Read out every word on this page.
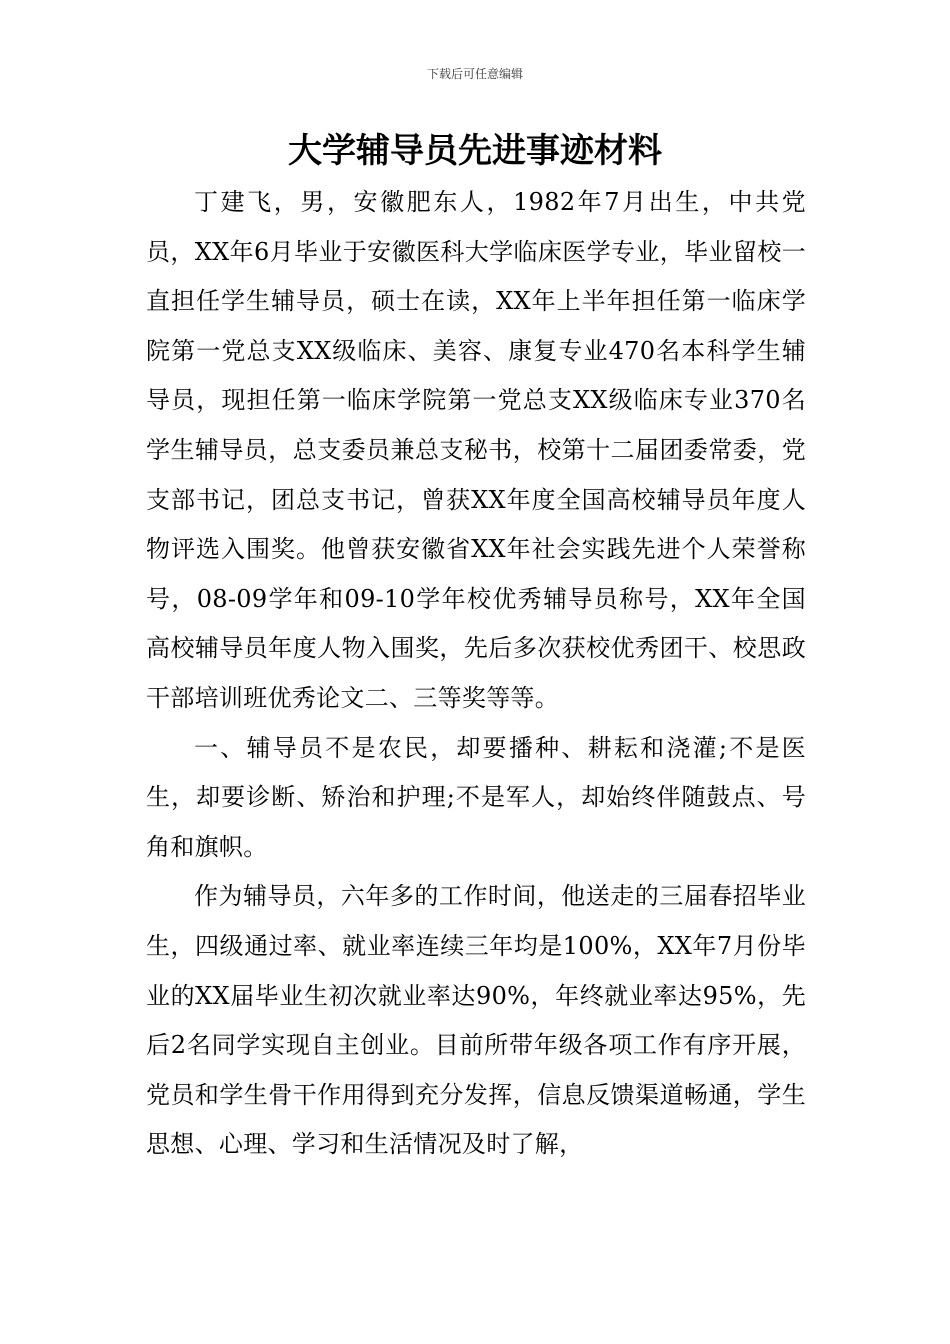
下载后可任意编辑
大学辅导员先进事迹材料

丁建飞，男，安徽肥东人，1982年7月出生，中共党员，XX年6月毕业于安徽医科大学临床医学专业，毕业留校一直担任学生辅导员，硕士在读，XX年上半年担任第一临床学院第一党总支XX级临床、美容、康复专业470名本科学生辅导员，现担任第一临床学院第一党总支XX级临床专业370名学生辅导员，总支委员兼总支秘书，校第十二届团委常委，党支部书记，团总支书记，曾获XX年度全国高校辅导员年度人物评选入围奖。他曾获安徽省XX年社会实践先进个人荣誉称号，08-09学年和09-10学年校优秀辅导员称号，XX年全国高校辅导员年度人物入围奖，先后多次获校优秀团干、校思政干部培训班优秀论文二、三等奖等等。

一、辅导员不是农民，却要播种、耕耘和浇灌;不是医生，却要诊断、矫治和护理;不是军人，却始终伴随鼓点、号角和旗帜。

作为辅导员，六年多的工作时间，他送走的三届春招毕业生，四级通过率、就业率连续三年均是100%，XX年7月份毕业的XX届毕业生初次就业率达90%，年终就业率达95%，先后2名同学实现自主创业。目前所带年级各项工作有序开展，党员和学生骨干作用得到充分发挥，信息反馈渠道畅通，学生思想、心理、学习和生活情况及时了解，
